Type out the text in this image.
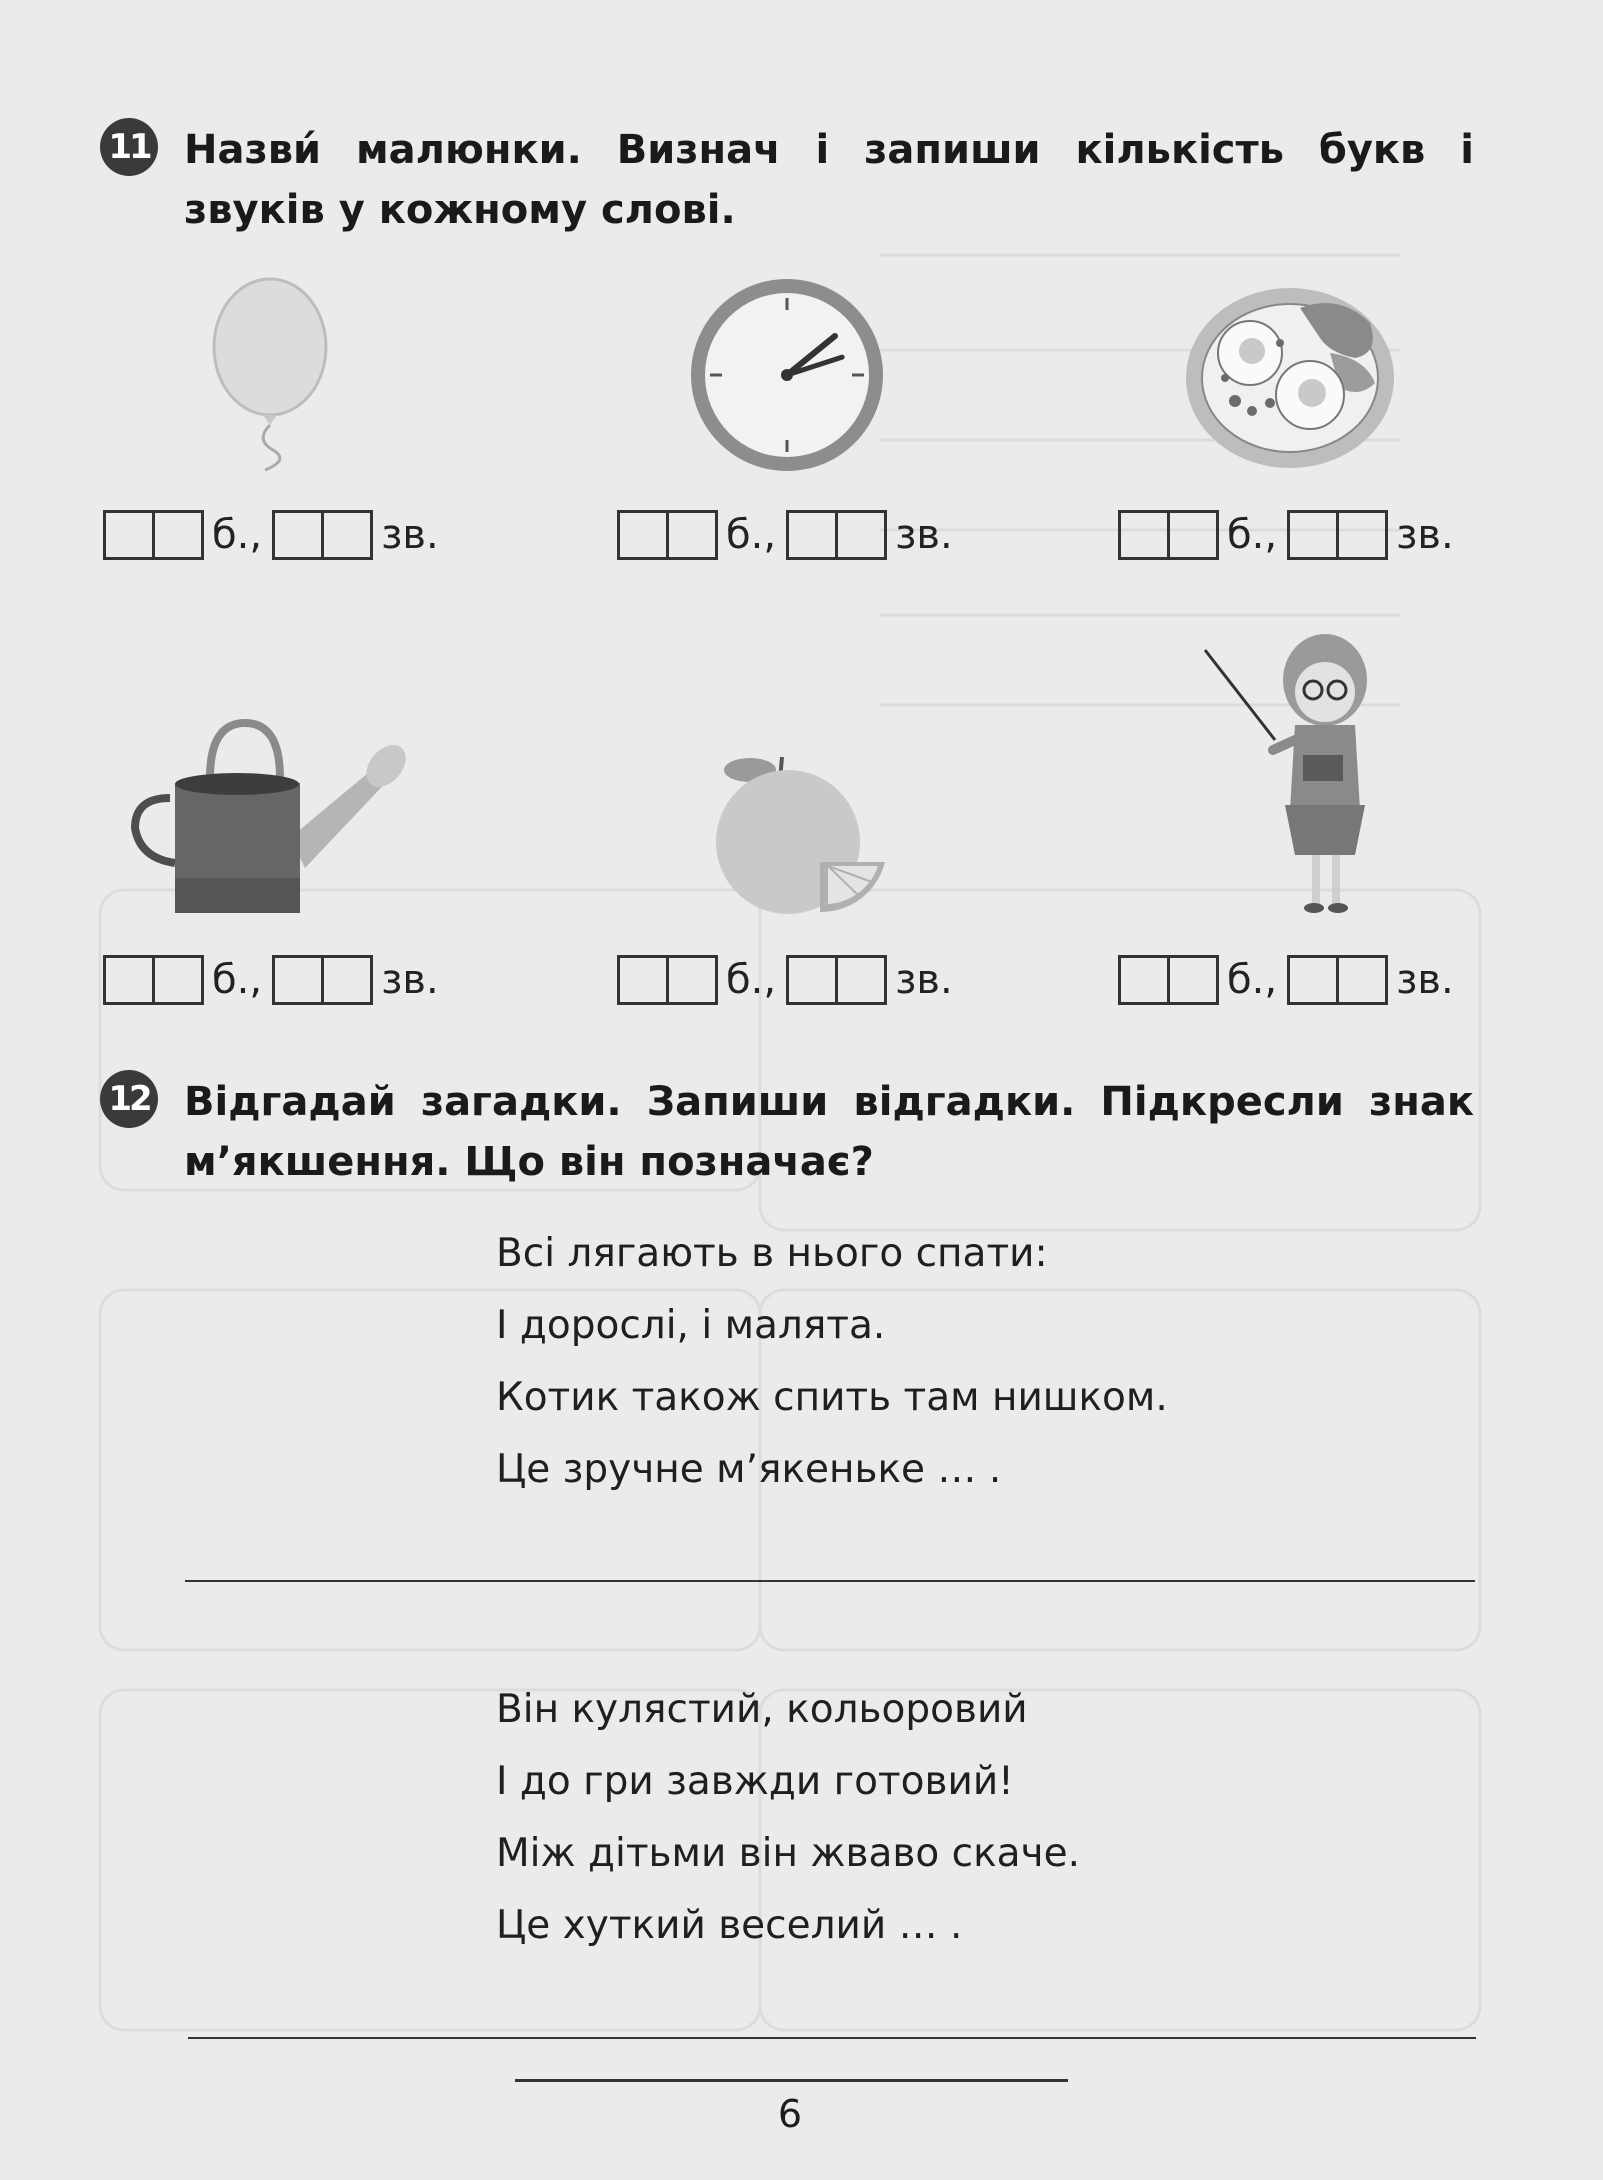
11 Назви́ малюнки. Визнач і запиши кількість букв і звуків у кожному слові.
б.,	зв.	б.,	зв.	б.,	зв.
б.,	зв.	б.,	зв.	б.,	зв.
12 Відгадай загадки. Запиши відгадки. Підкресли знак м’якшення. Що він позначає?
Всі лягають в нього спати:
І дорослі, і малята.
Котик також спить там нишком.
Це зручне м’якеньке … .
Він кулястий, кольоровий
І до гри завжди готовий!
Між дітьми він жваво скаче.
Це хуткий веселий … .
6
